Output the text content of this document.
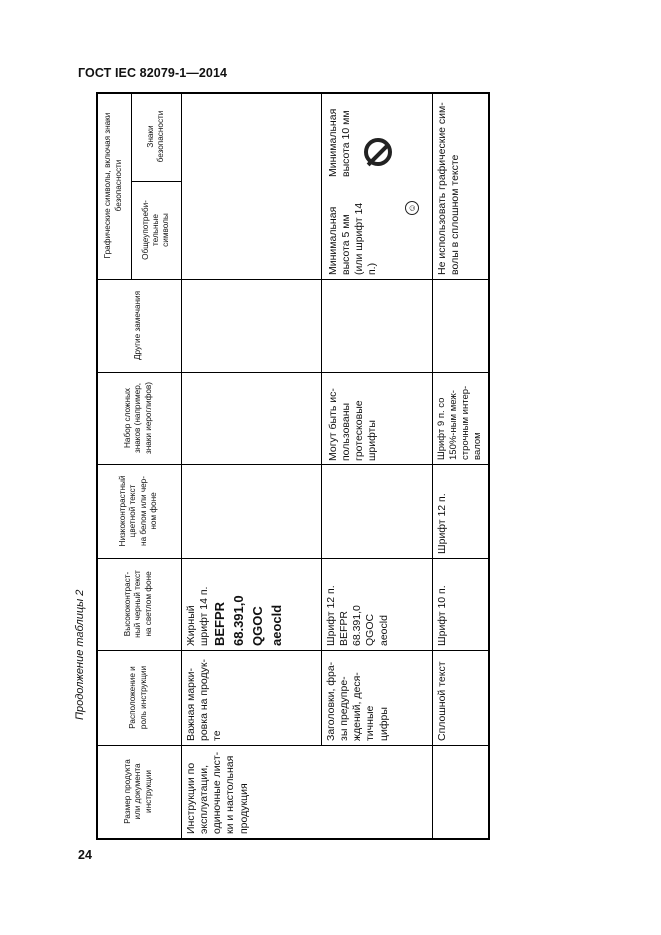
ГОСТ IEC 82079-1—2014
Продолжение таблицы 2
24
Размер продукта
или документа
инструкции
Расположение и
роль инструкции
Высококонтраст-
ный черный текст
на светлом фоне
Низкоконтрастный
цветной текст
на белом или чер-
ном фоне
Набор сложных
знаков (например,
знаки иероглифов)
Другие замечания
Графические символы, включая знаки
безопасности
Общеупотреби-
тельные
символы
Знаки
безопасности
Инструкции по
эксплуатации,
одиночные лист-
ки и настольная
продукция
Важная марки-
ровка на продук-
те
Жирный
шрифт 14 п.
BEFPR
68.391,0
QGOC
aeocld
Заголовки, фра-
зы предупре-
ждений, деся-
тичные
цифры
Шрифт 12 п.
BEFPR
68.391,0
QGOC
aeocld
Могут быть ис-
пользованы
гротесковые
шрифты
Минимальная
высота 5 мм
(или шрифт 14
п.)
☺
Минимальная
высота 10 мм
Сплошной текст
Шрифт 10 п.
Шрифт 12 п.
Шрифт 9 п. со
150%-ным меж-
строчным интер-
валом
Не использовать графические сим-
волы в сплошном тексте
